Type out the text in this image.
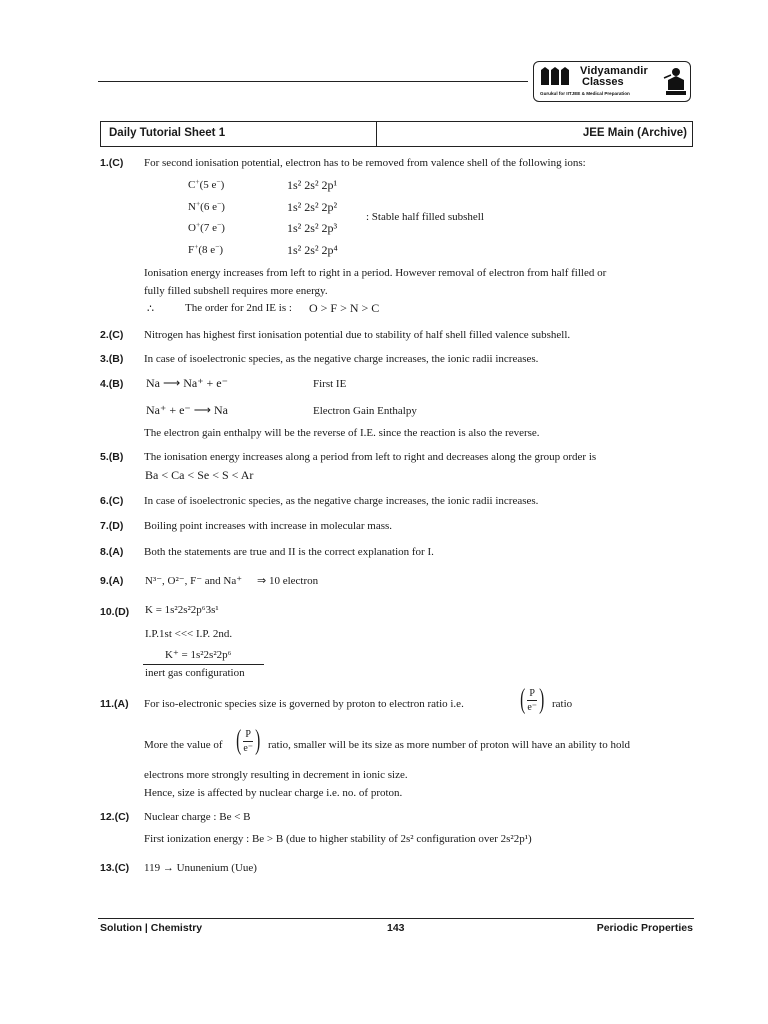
Vidyamandir
Classes
Gurukul for IITJEE & Medical Preparation
Daily Tutorial Sheet 1	JEE Main (Archive)
1.(C) For second ionisation potential, electron has to be removed from valence shell of the following ions:
C+(5 e−)	1s² 2s² 2p¹
N+(6 e−)	1s² 2s² 2p²
O+(7 e−)	1s² 2s² 2p³
F+(8 e−)	1s² 2s² 2p⁴
: Stable half filled subshell
Ionisation energy increases from left to right in a period. However removal of electron from half filled or
fully filled subshell requires more energy.
∴	The order for 2nd IE is : O > F > N > C
2.(C) Nitrogen has highest first ionisation potential due to stability of half shell filled valence subshell.
3.(B) In case of isoelectronic species, as the negative charge increases, the ionic radii increases.
4.(B) Na ⟶ Na⁺ + e⁻	First IE
Na⁺ + e⁻ ⟶ Na	Electron Gain Enthalpy
The electron gain enthalpy will be the reverse of I.E. since the reaction is also the reverse.
5.(B) The ionisation energy increases along a period from left to right and decreases along the group order is
Ba < Ca < Se < S < Ar
6.(C) In case of isoelectronic species, as the negative charge increases, the ionic radii increases.
7.(D) Boiling point increases with increase in molecular mass.
8.(A) Both the statements are true and II is the correct explanation for I.
9.(A) N³⁻, O²⁻, F⁻ and Na⁺ ⇒ 10 electron
10.(D) K = 1s²2s²2p⁶3s¹
I.P.1st <<< I.P. 2nd.
K⁺ = 1s²2s²2p⁶
inert gas configuration
11.(A) For iso-electronic species size is governed by proton to electron ratio i.e. ( $\frac{P}{e^-}$ ) ratio
More the value of ( $\frac{P}{e^-}$ ) ratio, smaller will be its size as more number of proton will have an ability to hold
electrons more strongly resulting in decrement in ionic size.
Hence, size is affected by nuclear charge i.e. no. of proton.
12.(C) Nuclear charge : Be < B
First ionization energy : Be > B (due to higher stability of 2s² configuration over 2s²2p¹)
13.(C) 119 → Ununenium (Uue)
Solution | Chemistry	143	Periodic Properties
